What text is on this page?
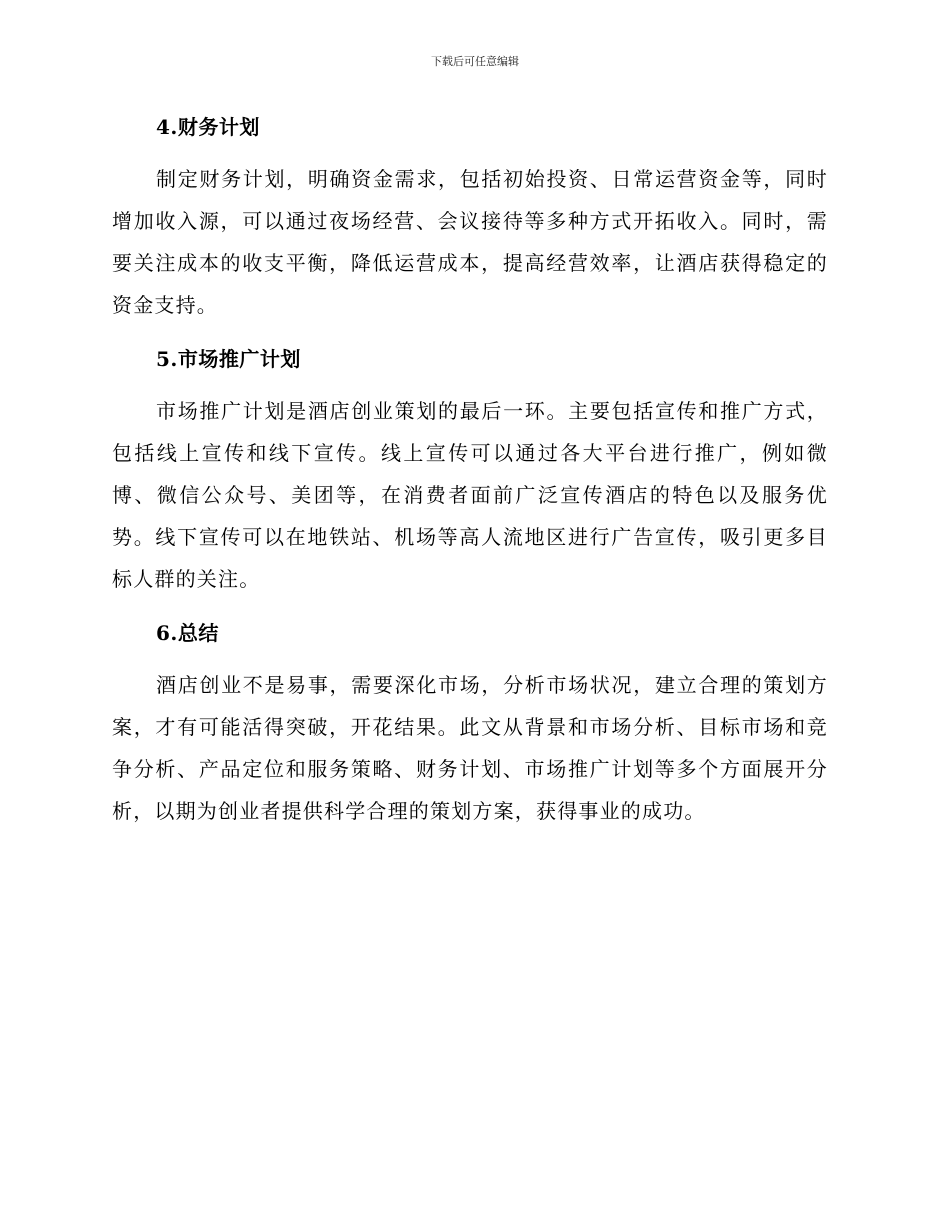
下载后可任意编辑
4.财务计划

制定财务计划，明确资金需求，包括初始投资、日常运营资金等，同时增加收入源，可以通过夜场经营、会议接待等多种方式开拓收入。同时，需要关注成本的收支平衡，降低运营成本，提高经营效率，让酒店获得稳定的资金支持。

5.市场推广计划

市场推广计划是酒店创业策划的最后一环。主要包括宣传和推广方式，包括线上宣传和线下宣传。线上宣传可以通过各大平台进行推广，例如微博、微信公众号、美团等，在消费者面前广泛宣传酒店的特色以及服务优势。线下宣传可以在地铁站、机场等高人流地区进行广告宣传，吸引更多目标人群的关注。

6.总结

酒店创业不是易事，需要深化市场，分析市场状况，建立合理的策划方案，才有可能活得突破，开花结果。此文从背景和市场分析、目标市场和竞争分析、产品定位和服务策略、财务计划、市场推广计划等多个方面展开分析，以期为创业者提供科学合理的策划方案，获得事业的成功。
